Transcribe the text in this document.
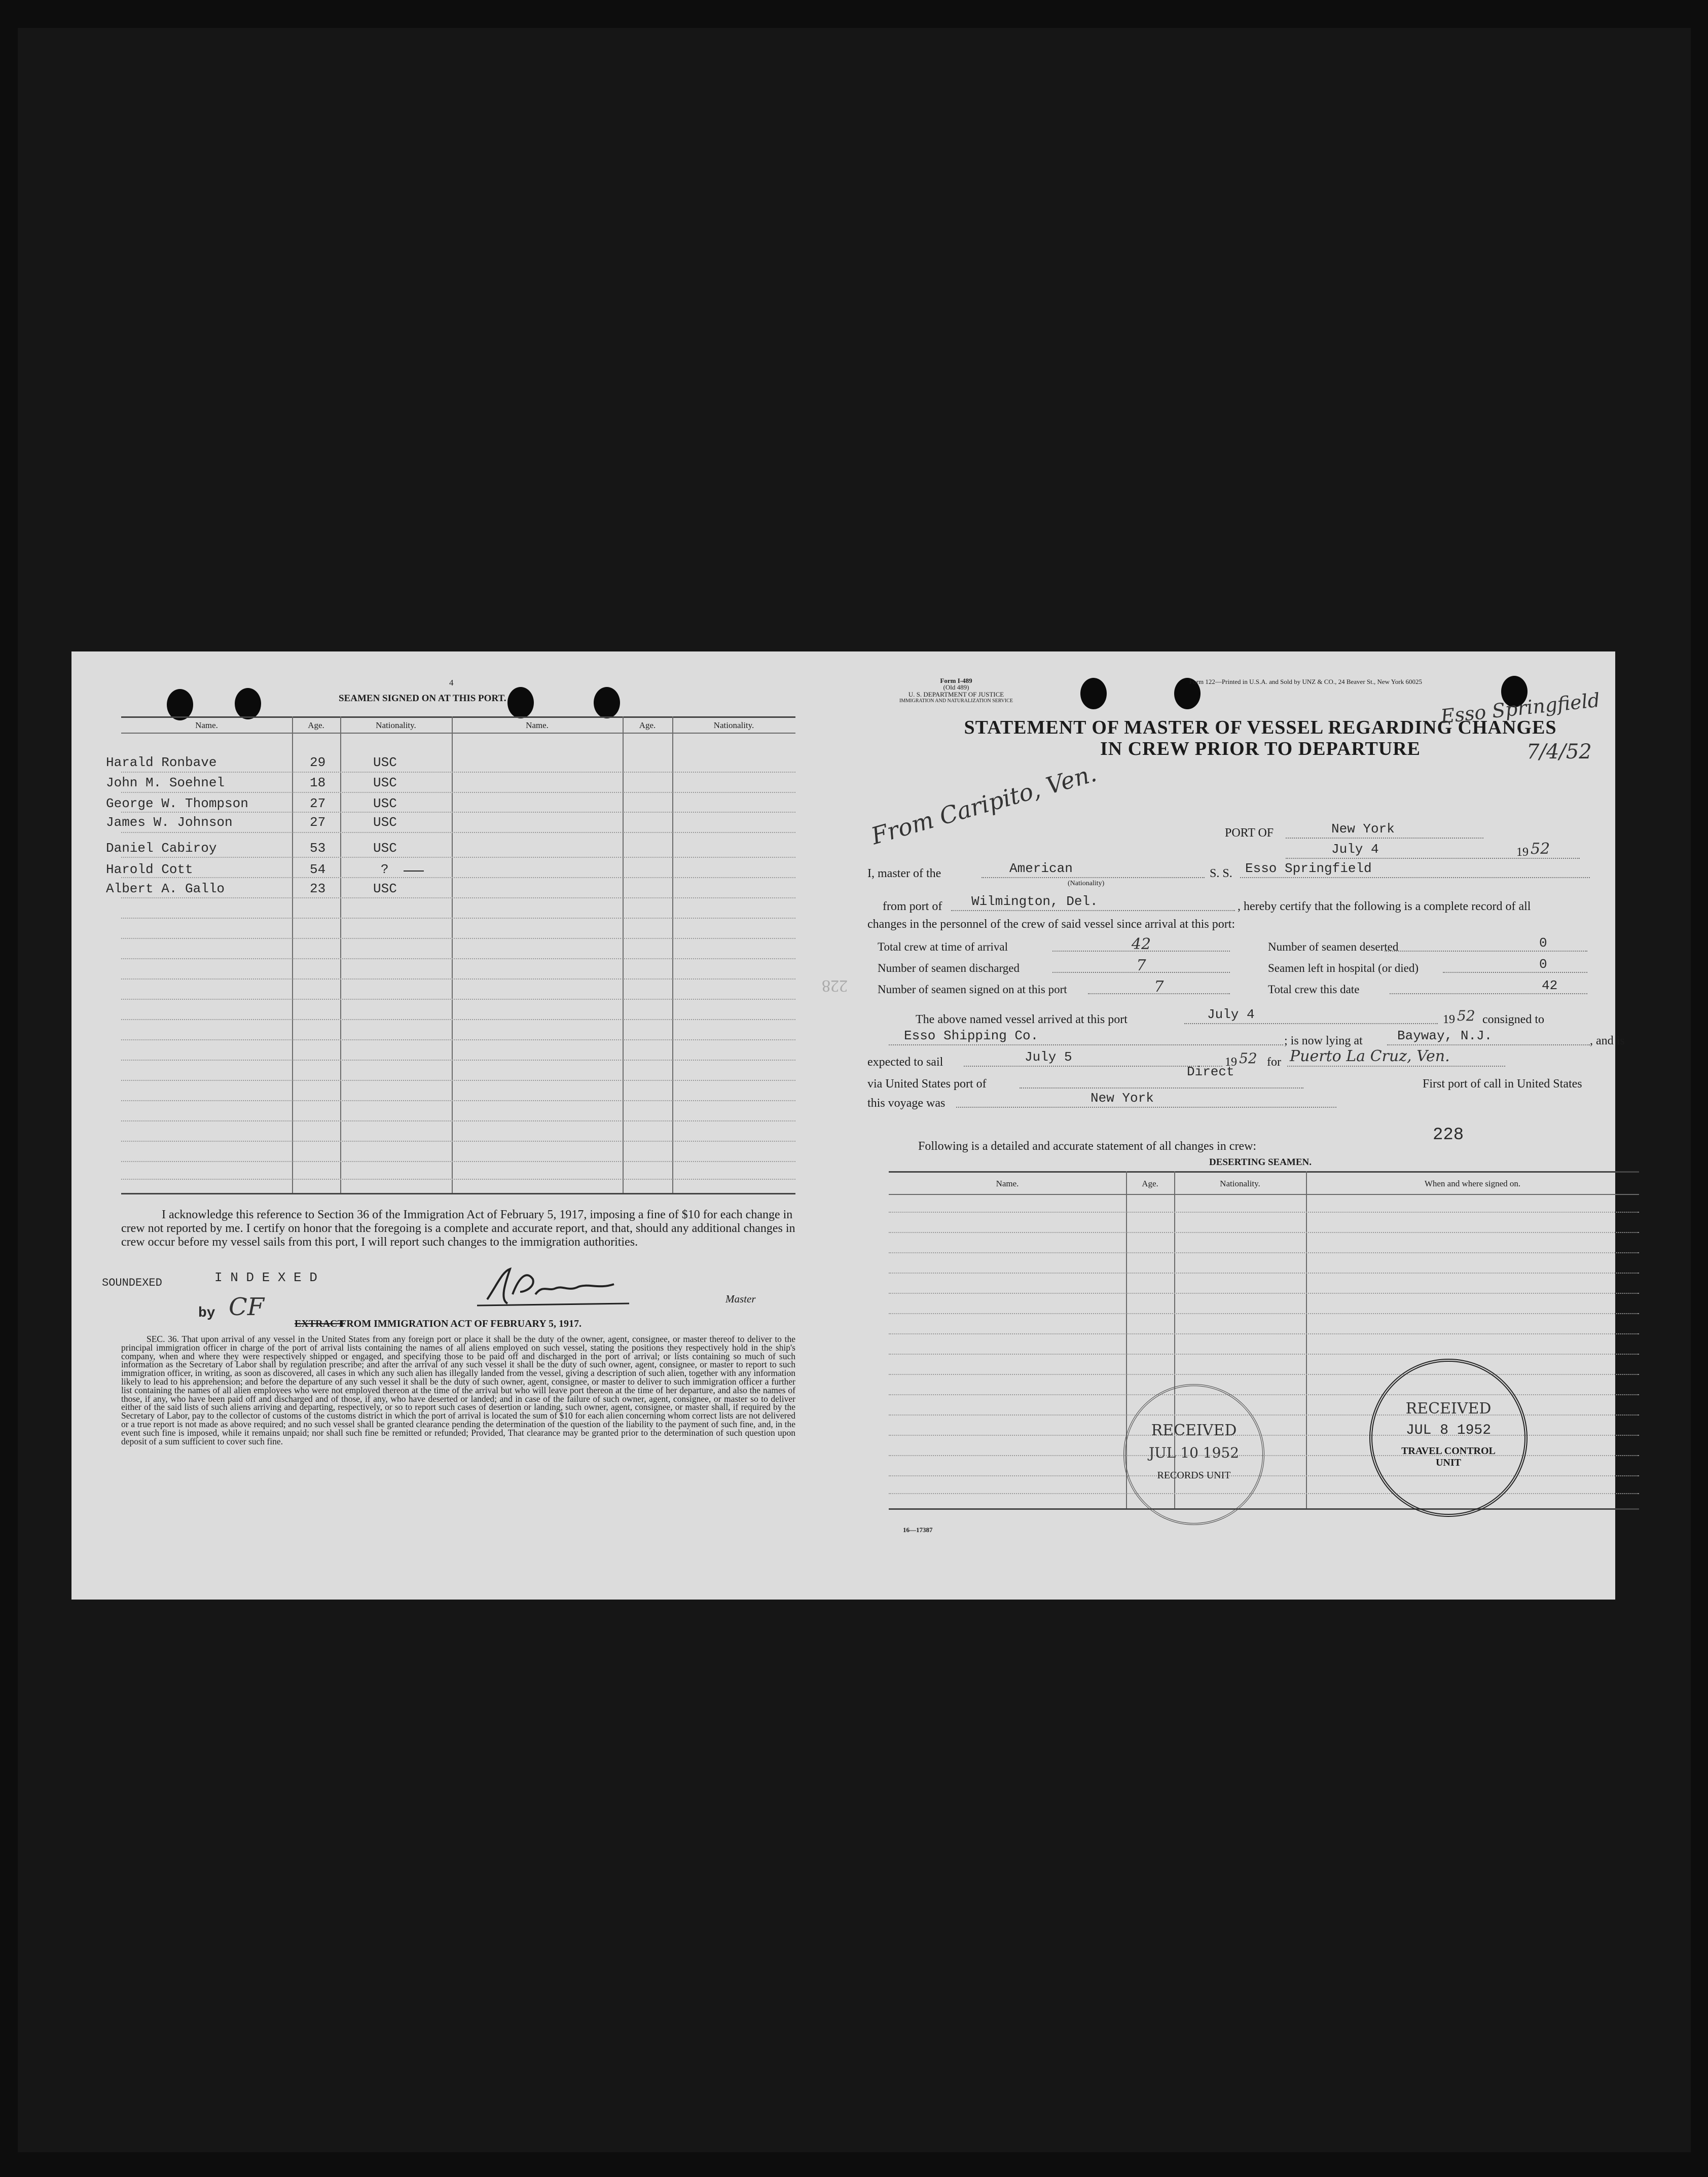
4
SEAMEN SIGNED ON AT THIS PORT.
Name.	Age.	Nationality.	Name.	Age.	Nationality.
Harald Ronbave	29	USC
John M. Soehnel	18	USC
George W. Thompson	27	USC
James W. Johnson	27	USC
Daniel Cabiroy	53	USC
Harold Cott	54	?
Albert A. Gallo	23	USC
I acknowledge this reference to Section 36 of the Immigration Act of February 5, 1917, imposing a fine of $10 for each change in crew not reported by me. I certify on honor that the foregoing is a complete and accurate report, and that, should any additional changes in crew occur before my vessel sails from this port, I will report such changes to the immigration authorities.
SOUNDEXED	I N D E X E D
by CF	Master
EXTRACT
FROM IMMIGRATION ACT OF FEBRUARY 5, 1917.
SEC. 36. That upon arrival of any vessel in the United States from any foreign port or place it shall be the duty of the owner, agent, consignee, or master thereof to deliver to the principal immigration officer in charge of the port of arrival lists containing the names of all aliens employed on such vessel, stating the positions they respectively hold in the ship's company, when and where they were respectively shipped or engaged, and specifying those to be paid off and discharged in the port of arrival; or lists containing so much of such information as the Secretary of Labor shall by regulation prescribe; and after the arrival of any such vessel it shall be the duty of such owner, agent, consignee, or master to report to such immigration officer, in writing, as soon as discovered, all cases in which any such alien has illegally landed from the vessel, giving a description of such alien, together with any information likely to lead to his apprehension; and before the departure of any such vessel it shall be the duty of such owner, agent, consignee, or master to deliver to such immigration officer a further list containing the names of all alien employees who were not employed thereon at the time of the arrival but who will leave port thereon at the time of her departure, and also the names of those, if any, who have been paid off and discharged and of those, if any, who have deserted or landed; and in case of the failure of such owner, agent, consignee, or master so to deliver either of the said lists of such aliens arriving and departing, respectively, or so to report such cases of desertion or landing, such owner, agent, consignee, or master shall, if required by the Secretary of Labor, pay to the collector of customs of the customs district in which the port of arrival is located the sum of $10 for each alien concerning whom correct lists are not delivered or a true report is not made as above required; and no such vessel shall be granted clearance pending the determination of the question of the liability to the payment of such fine, and, in the event such fine is imposed, while it remains unpaid; nor shall such fine be remitted or refunded; Provided, That clearance may be granted prior to the determination of such question upon deposit of a sum sufficient to cover such fine.
228
Form I-489
(Old 489)
U. S. DEPARTMENT OF JUSTICE
IMMIGRATION AND NATURALIZATION SERVICE
Form 122—Printed in U.S.A. and Sold by UNZ & CO., 24 Beaver St., New York 60025
STATEMENT OF MASTER OF VESSEL REGARDING CHANGES
IN CREW PRIOR TO DEPARTURE
Esso Springfield
7/4/52
From Caripito, Ven.	PORT OF	New York
July 4	19 52
I, master of the	American
(Nationality)
S. S. Esso Springfield
from port of	Wilmington, Del.	, hereby certify that the following is a complete record of all
changes in the personnel of the crew of said vessel since arrival at this port:
Total crew at time of arrival	42
Number of seamen discharged	7
Number of seamen signed on at this port	7
Number of seamen deserted	0
Seamen left in hospital (or died)	0
Total crew this date	42
The above named vessel arrived at this port	July 4	19 52 consigned to
Esso Shipping Co.	; is now lying at	Bayway, N.J.	, and is
expected to sail	July 5	19 52 for Puerto La Cruz, Ven.
via United States port of
Direct
First port of call in United States
this voyage was	New York
Following is a detailed and accurate statement of all changes in crew:
228
DESERTING SEAMEN.
Name.	Age.	Nationality.	When and where signed on.
RECEIVED
JUL 10 1952
RECORDS UNIT
RECEIVED
JUL 8 1952
TRAVEL CONTROL UNIT
16—17387
